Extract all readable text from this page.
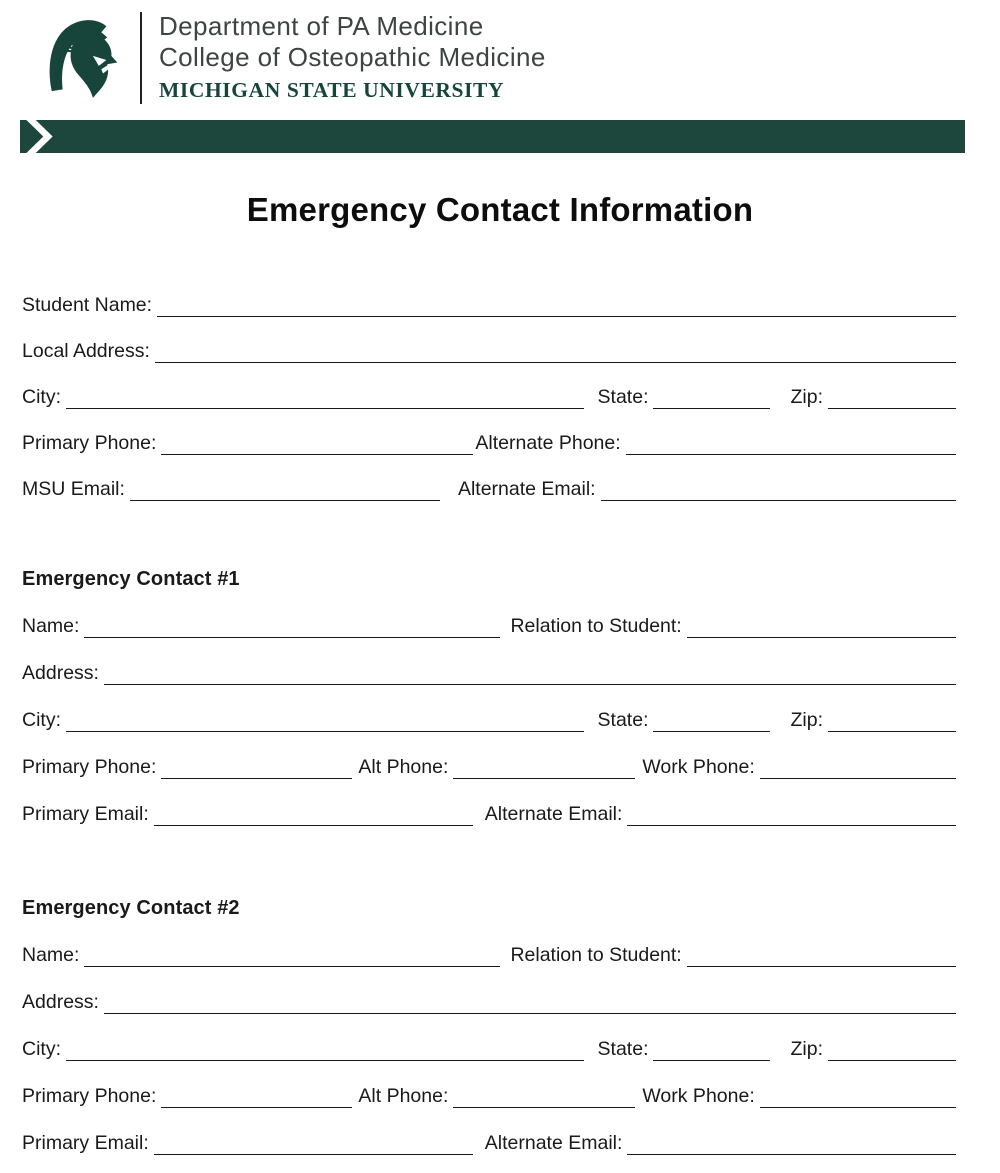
Department of PA Medicine
College of Osteopathic Medicine
MICHIGAN STATE UNIVERSITY
Emergency Contact Information
Student Name:
Local Address:
City:	State:	Zip:
Primary Phone:	Alternate Phone:
MSU Email:	Alternate Email:
Emergency Contact #1
Name:	Relation to Student:
Address:
City:	State:	Zip:
Primary Phone:	Alt Phone:	Work Phone:
Primary Email:	Alternate Email:
Emergency Contact #2
Name:	Relation to Student:
Address:
City:	State:	Zip:
Primary Phone:	Alt Phone:	Work Phone:
Primary Email:	Alternate Email:
